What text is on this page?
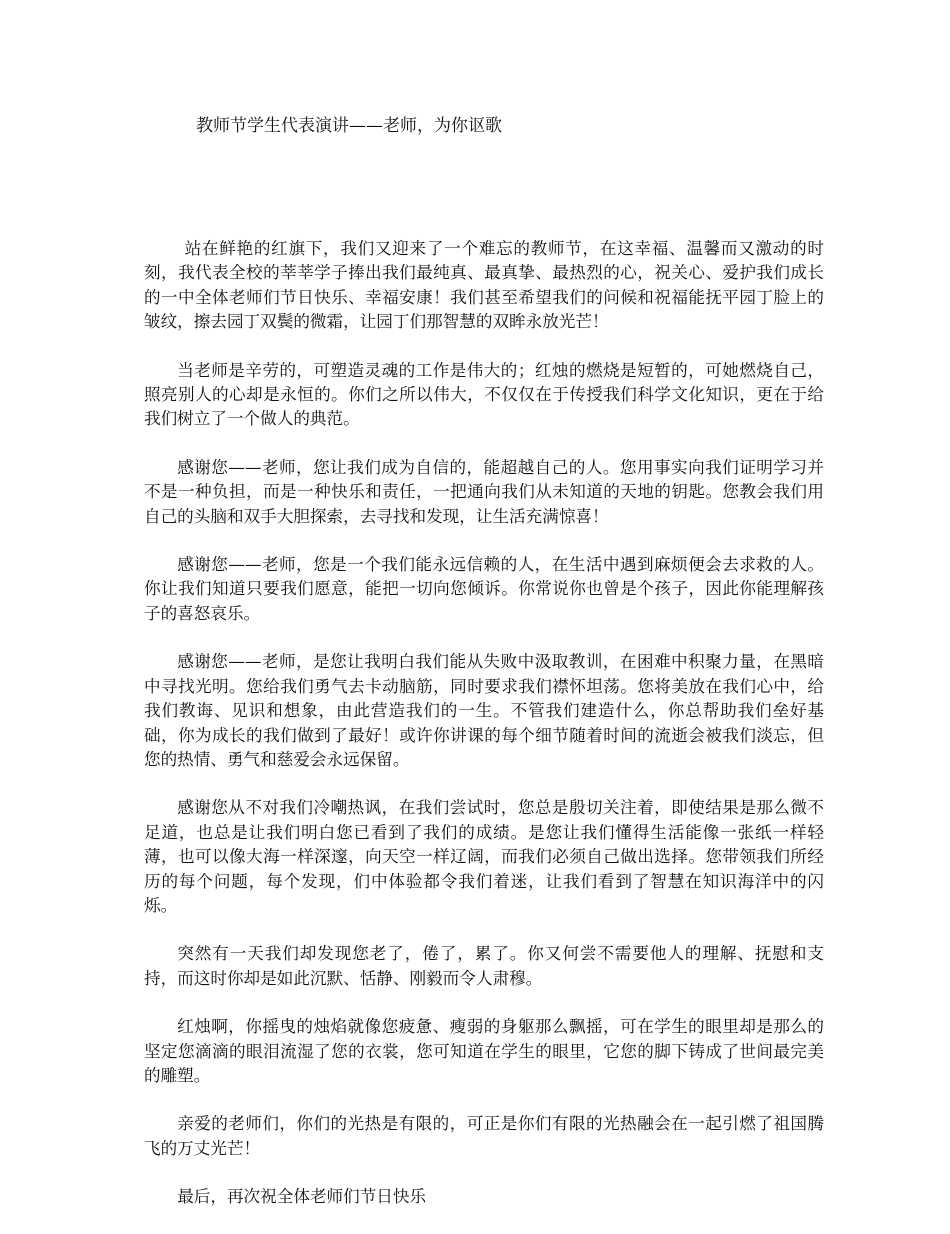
教师节学生代表演讲——老师，为你讴歌

站在鲜艳的红旗下，我们又迎来了一个难忘的教师节，在这幸福、温馨而又激动的时刻，我代表全校的莘莘学子捧出我们最纯真、最真挚、最热烈的心，祝关心、爱护我们成长的一中全体老师们节日快乐、幸福安康！我们甚至希望我们的问候和祝福能抚平园丁脸上的皱纹，擦去园丁双鬓的微霜，让园丁们那智慧的双眸永放光芒！

当老师是辛劳的，可塑造灵魂的工作是伟大的；红烛的燃烧是短暂的，可她燃烧自己，照亮别人的心却是永恒的。你们之所以伟大，不仅仅在于传授我们科学文化知识，更在于给我们树立了一个做人的典范。

感谢您——老师，您让我们成为自信的，能超越自己的人。您用事实向我们证明学习并不是一种负担，而是一种快乐和责任，一把通向我们从未知道的天地的钥匙。您教会我们用自己的头脑和双手大胆探索，去寻找和发现，让生活充满惊喜！

感谢您——老师，您是一个我们能永远信赖的人，在生活中遇到麻烦便会去求救的人。你让我们知道只要我们愿意，能把一切向您倾诉。你常说你也曾是个孩子，因此你能理解孩子的喜怒哀乐。

感谢您——老师，是您让我明白我们能从失败中汲取教训，在困难中积聚力量，在黑暗中寻找光明。您给我们勇气去卡动脑筋，同时要求我们襟怀坦荡。您将美放在我们心中，给我们教诲、见识和想象，由此营造我们的一生。不管我们建造什么，你总帮助我们垒好基础，你为成长的我们做到了最好！或许你讲课的每个细节随着时间的流逝会被我们淡忘，但您的热情、勇气和慈爱会永远保留。

感谢您从不对我们冷嘲热讽，在我们尝试时，您总是殷切关注着，即使结果是那么微不足道，也总是让我们明白您已看到了我们的成绩。是您让我们懂得生活能像一张纸一样轻薄，也可以像大海一样深邃，向天空一样辽阔，而我们必须自己做出选择。您带领我们所经历的每个问题，每个发现，们中体验都令我们着迷，让我们看到了智慧在知识海洋中的闪烁。

突然有一天我们却发现您老了，倦了，累了。你又何尝不需要他人的理解、抚慰和支持，而这时你却是如此沉默、恬静、刚毅而令人肃穆。

红烛啊，你摇曳的烛焰就像您疲惫、瘦弱的身躯那么飘摇，可在学生的眼里却是那么的坚定您滴滴的眼泪流湿了您的衣裳，您可知道在学生的眼里，它您的脚下铸成了世间最完美的雕塑。

亲爱的老师们，你们的光热是有限的，可正是你们有限的光热融会在一起引燃了祖国腾飞的万丈光芒！

最后，再次祝全体老师们节日快乐
